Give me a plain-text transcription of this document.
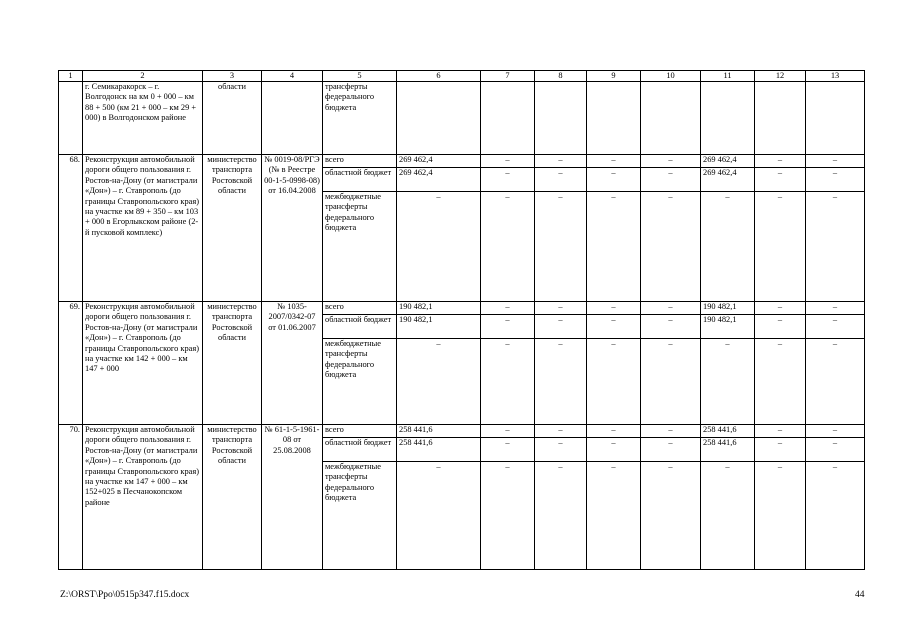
1	2	3	4	5	6	7	8	9	10	11	12	13
	г. Семикаракорск – г. Волгодонск на км 0 + 000 – км 88 + 500 (км 21 + 000 – км 29 + 000) в Волгодонском районе	области		трансферты федерального бюджета								
68.	Реконструкция автомобильной дороги общего пользования г. Ростов-на-Дону (от магистрали «Дон») – г. Ставрополь (до границы Ставропольского края) на участке км 89 + 350 – км 103 + 000 в Егорлыкском районе (2-й пусковой комплекс)	министерство транспорта Ростовской области	№ 0019-08/РГЭ (№ в Реестре 00-1-5-0998-08) от 16.04.2008	всего	269 462,4	–	–	–	–	269 462,4	–	–
				областной бюджет	269 462,4	–	–	–	–	269 462,4	–	–
				межбюджетные трансферты федерального бюджета	–	–	–	–	–	–	–	–
69.	Реконструкция автомобильной дороги общего пользования г. Ростов-на-Дону (от магистрали «Дон») – г. Ставрополь (до границы Ставропольского края) на участке км 142 + 000 – км 147 + 000	министерство транспорта Ростовской области	№ 1035-2007/0342-07 от 01.06.2007	всего	190 482,1	–	–	–	–	190 482,1	–	–
				областной бюджет	190 482,1	–	–	–	–	190 482,1	–	–
				межбюджетные трансферты федерального бюджета	–	–	–	–	–	–	–	–
70.	Реконструкция автомобильной дороги общего пользования г. Ростов-на-Дону (от магистрали «Дон») – г. Ставрополь (до границы Ставропольского края) на участке км 147 + 000 – км 152+025 в Песчанокопском районе	министерство транспорта Ростовской области	№ 61-1-5-1961-08 от 25.08.2008	всего	258 441,6	–	–	–	–	258 441,6	–	–
				областной бюджет	258 441,6	–	–	–	–	258 441,6	–	–
				межбюджетные трансферты федерального бюджета	–	–	–	–	–	–	–	–
Z:\ORST\Ppo\0515p347.f15.docx	44
